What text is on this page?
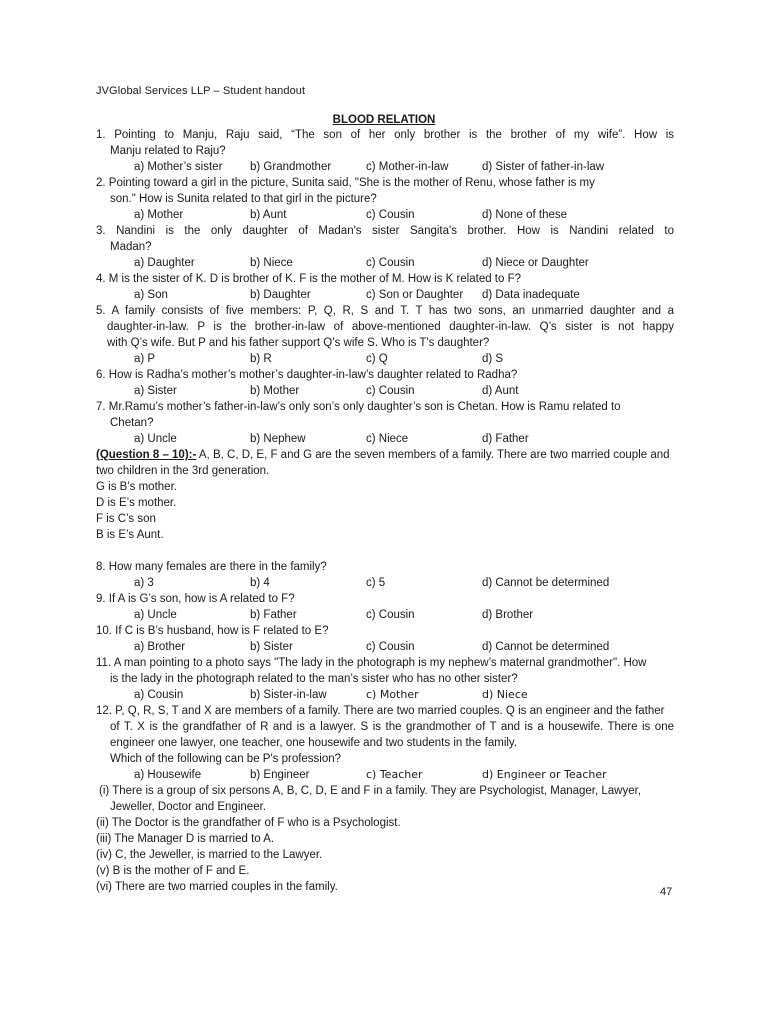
JVGlobal Services LLP – Student handout
BLOOD RELATION
1. Pointing to Manju, Raju said, “The son of her only brother is the brother of my wife”. How is
Manju related to Raju?
a) Mother’s sister b) Grandmother	c) Mother-in-law	d) Sister of father-in-law
2. Pointing toward a girl in the picture, Sunita said, "She is the mother of Renu, whose father is my
son." How is Sunita related to that girl in the picture?
a) Mother	b) Aunt	c) Cousin	d) None of these
3. Nandini is the only daughter of Madan's sister Sangita's brother. How is Nandini related to
Madan?
a) Daughter	b) Niece	c) Cousin	d) Niece or Daughter
4. M is the sister of K. D is brother of K. F is the mother of M. How is K related to F?
a) Son	b) Daughter	c) Son or Daughter d) Data inadequate
5. A family consists of five members: P, Q, R, S and T. T has two sons, an unmarried daughter and a
daughter-in-law. P is the brother-in-law of above-mentioned daughter-in-law. Q’s sister is not happy
with Q’s wife. But P and his father support Q’s wife S. Who is T's daughter?
a) P	b) R	c) Q	d) S
6. How is Radha’s mother’s mother’s daughter-in-law’s daughter related to Radha?
a) Sister	b) Mother	c) Cousin	d) Aunt
7. Mr.Ramu’s mother’s father-in-law’s only son’s only daughter’s son is Chetan. How is Ramu related to
Chetan?
a) Uncle	b) Nephew	c) Niece	d) Father
(Question 8 – 10):- A, B, C, D, E, F and G are the seven members of a family. There are two married couple and
two children in the 3rd generation.
G is B’s mother.
D is E’s mother.
F is C’s son
B is E’s Aunt.
8. How many females are there in the family?
a) 3	b) 4	c) 5	d) Cannot be determined
9. If A is G’s son, how is A related to F?
a) Uncle	b) Father	c) Cousin	d) Brother
10. If C is B’s husband, how is F related to E?
a) Brother	b) Sister	c) Cousin	d) Cannot be determined
11. A man pointing to a photo says "The lady in the photograph is my nephew’s maternal grandmother". How
is the lady in the photograph related to the man’s sister who has no other sister?
a) Cousin	b) Sister-in-law	c) Mother	d) Niece
12. P, Q, R, S, T and X are members of a family. There are two married couples. Q is an engineer and the father
of T. X is the grandfather of R and is a lawyer. S is the grandmother of T and is a housewife. There is one
engineer one lawyer, one teacher, one housewife and two students in the family.
Which of the following can be P's profession?
a) Housewife	b) Engineer	c) Teacher	d) Engineer or Teacher
(i) There is a group of six persons A, B, C, D, E and F in a family. They are Psychologist, Manager, Lawyer,
Jeweller, Doctor and Engineer.
(ii) The Doctor is the grandfather of F who is a Psychologist.
(iii) The Manager D is married to A.
(iv) C, the Jeweller, is married to the Lawyer.
(v) B is the mother of F and E.
(vi) There are two married couples in the family.	47
